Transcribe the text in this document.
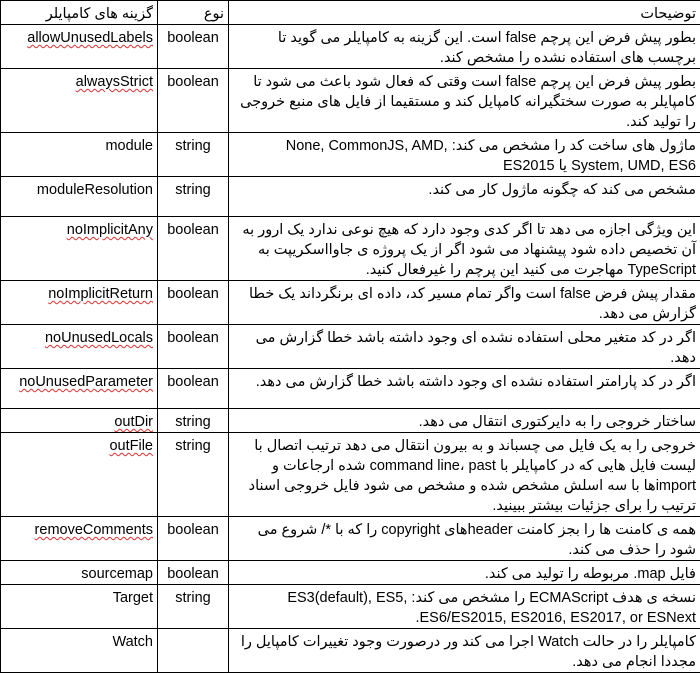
توضیحات	نوع	گزینه های کامپایلر
بطور پیش فرض این پرچم false است. این گزینه به کامپایلر می گوید تا برچسب های استفاده نشده را مشخص کند.	boolean	allowUnusedLabels
بطور پیش فرض این پرچم false است وقتی که فعال شود باعث می شود تا کامپایلر به صورت سختگیرانه کامپایل کند و مستقیما از فایل های منبع خروجی را تولید کند.	boolean	alwaysStrict
ماژول های ساخت کد را مشخص می کند: None, CommonJS, AMD, System, UMD, ES6 یا ES2015	string	module
مشخص می کند که چگونه ماژول کار می کند.	string	moduleResolution
این ویژگی اجازه می دهد تا اگر کدی وجود دارد که هیچ نوعی ندارد یک ارور به آن تخصیص داده شود پیشنهاد می شود اگر از یک پروژه ی جاوااسکریپت به TypeScript مهاجرت می کنید این پرچم را غیرفعال کنید.	boolean	noImplicitAny
مقدار پیش فرض false است واگر تمام مسیر کد، داده ای برنگرداند یک خطا گزارش می دهد.	boolean	noImplicitReturn
اگر در کد متغیر محلی استفاده نشده ای وجود داشته باشد خطا گزارش می دهد.	boolean	noUnusedLocals
اگر در کد پارامتر استفاده نشده ای وجود داشته باشد خطا گزارش می دهد.	boolean	noUnusedParameter
ساختار خروجی را به دایرکتوری انتقال می دهد.	string	outDir
خروجی را به یک فایل می چسباند و به بیرون انتقال می دهد ترتیب اتصال با لیست فایل هایی که در کامپایلر با command line، past شده ارجاعات و importها با سه اسلش مشخص شده و مشخص می شود فایل خروجی اسناد ترتیب را برای جزئیات بیشتر ببینید.	string	outFile
همه ی کامنت ها را بجز کامنت headerهای copyright را که با */ شروع می شود را حذف می کند.	boolean	removeComments
فایل map. مربوطه را تولید می کند.	boolean	sourcemap
نسخه ی هدف ECMAScript را مشخص می کند: ES3(default), ES5, ES6/ES2015, ES2016, ES2017, or ESNext.	string	Target
کامپایلر را در حالت Watch اجرا می کند ور درصورت وجود تغییرات کامپایل را مجددا انجام می دهد.		Watch
